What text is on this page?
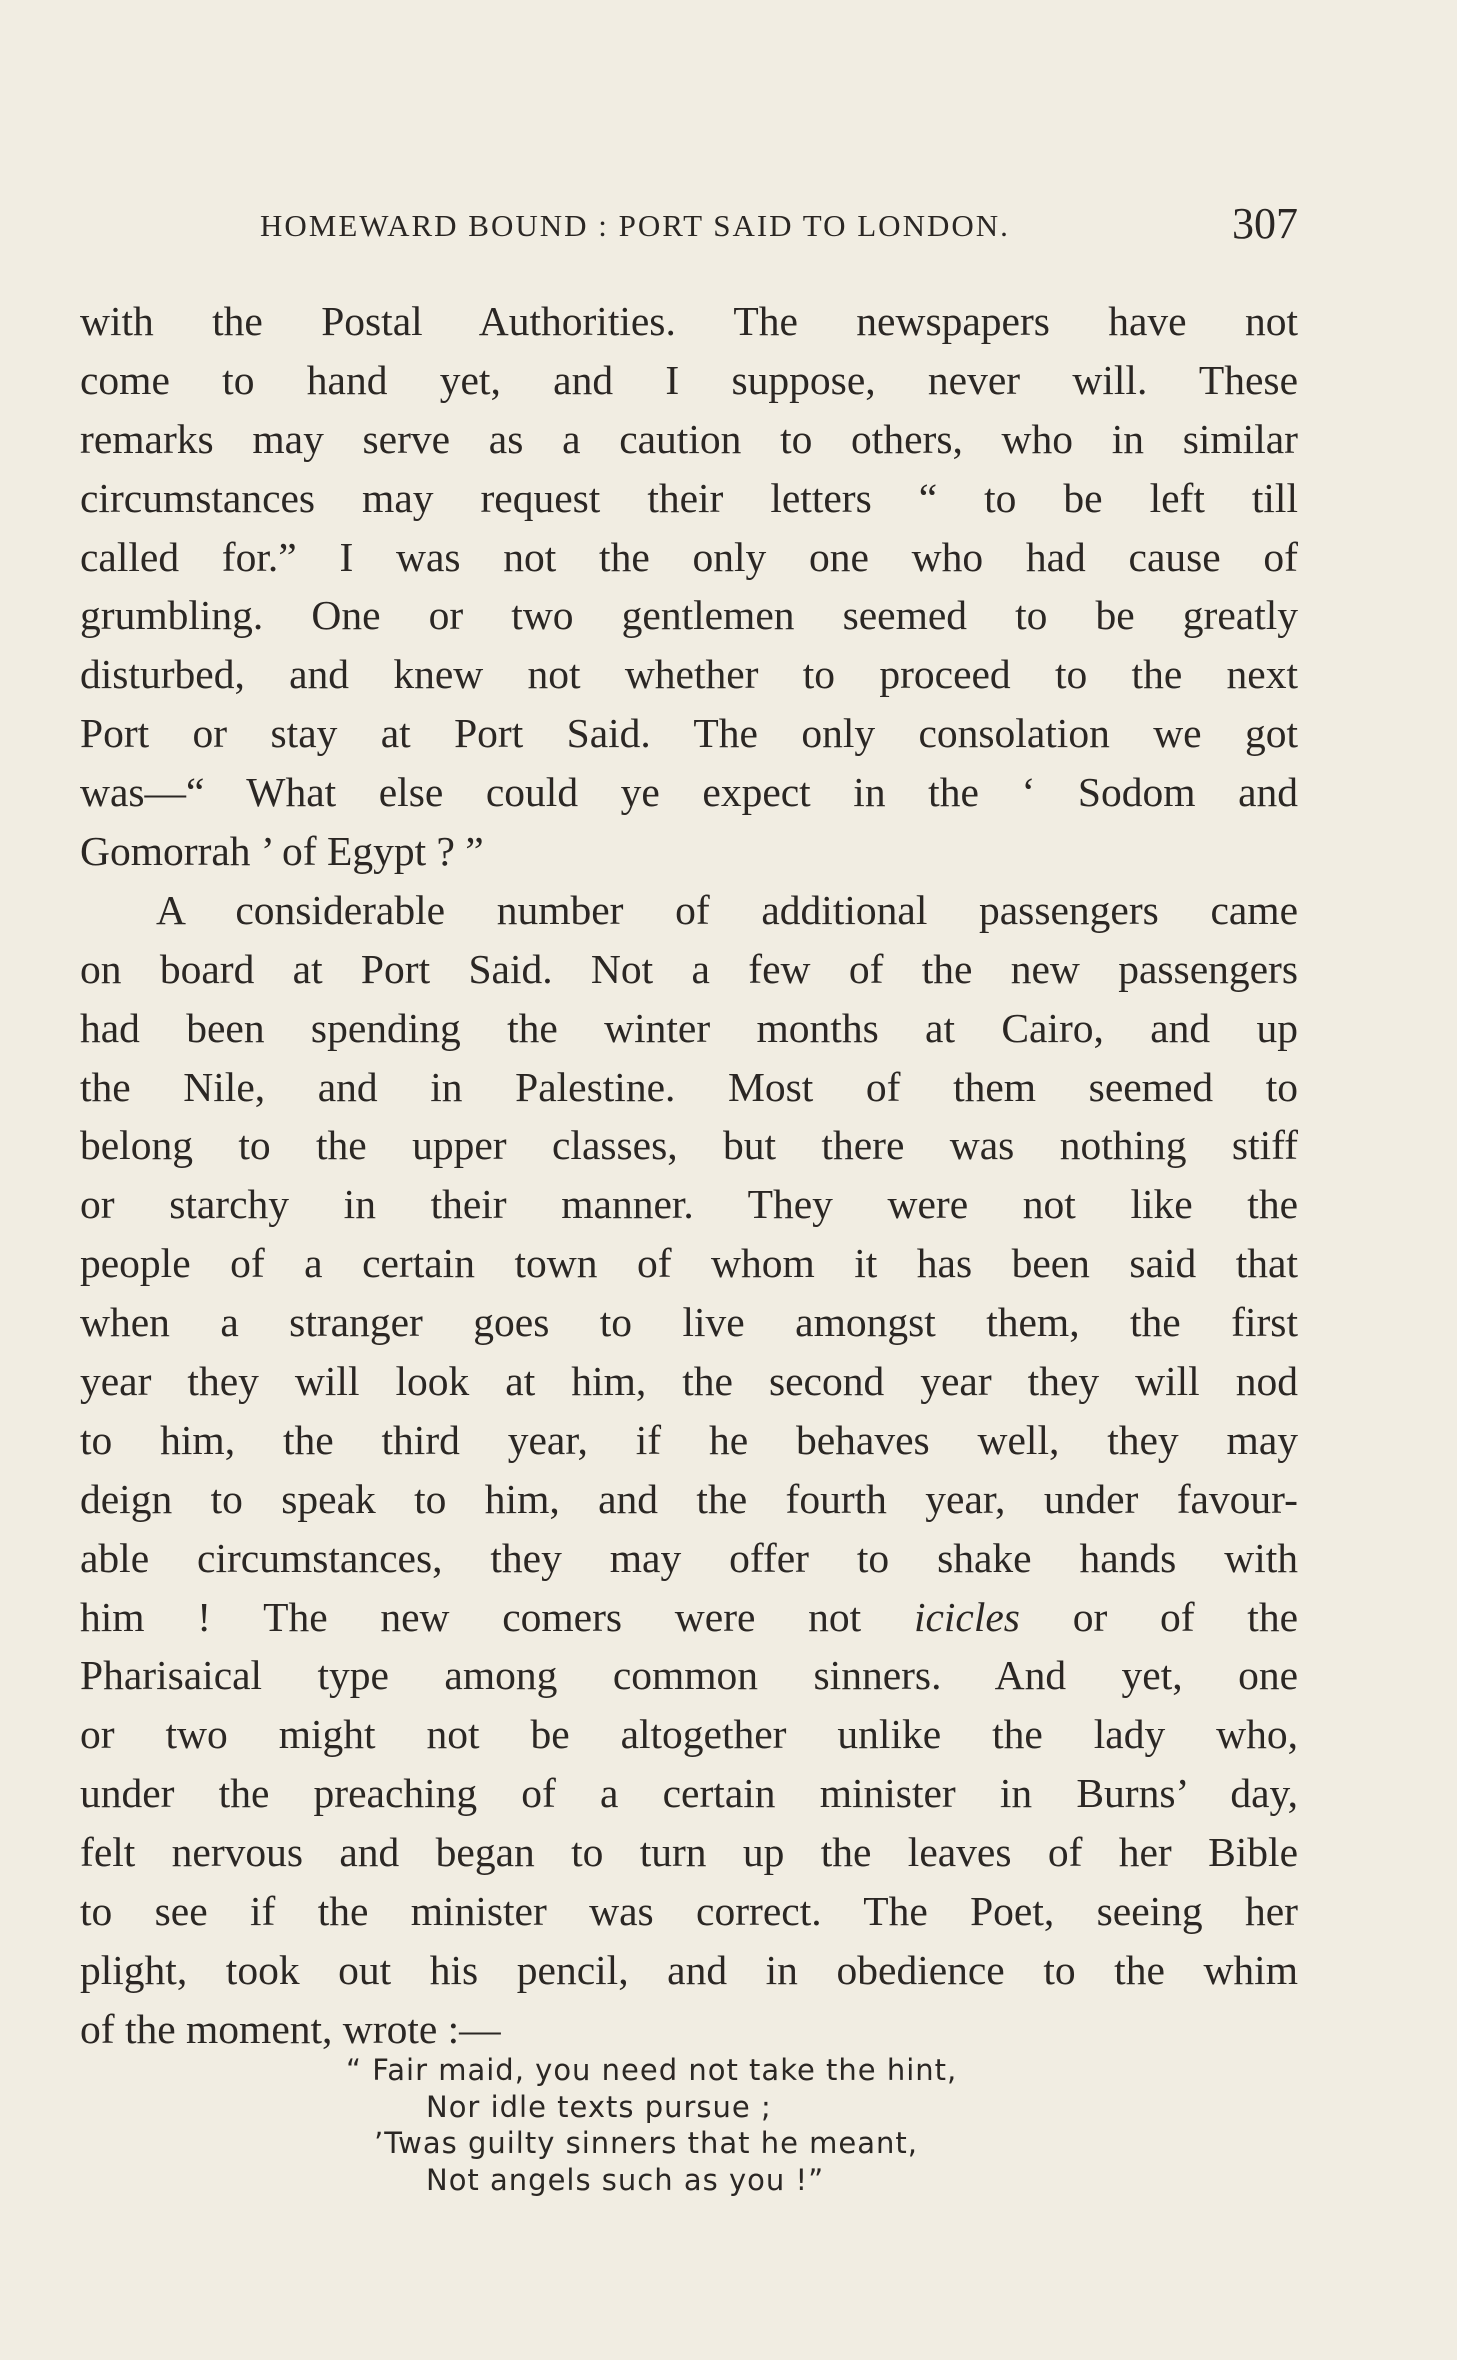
HOMEWARD BOUND : PORT SAID TO LONDON.	307
with the Postal Authorities. The newspapers have not
come to hand yet, and I suppose, never will. These
remarks may serve as a caution to others, who in similar
circumstances may request their letters “ to be left till
called for.” I was not the only one who had cause of
grumbling. One or two gentlemen seemed to be greatly
disturbed, and knew not whether to proceed to the next
Port or stay at Port Said. The only consolation we got
was—“ What else could ye expect in the ‘ Sodom and
Gomorrah ’ of Egypt ? ”
A considerable number of additional passengers came
on board at Port Said. Not a few of the new passengers
had been spending the winter months at Cairo, and up
the Nile, and in Palestine. Most of them seemed to
belong to the upper classes, but there was nothing stiff
or starchy in their manner. They were not like the
people of a certain town of whom it has been said that
when a stranger goes to live amongst them, the first
year they will look at him, the second year they will nod
to him, the third year, if he behaves well, they may
deign to speak to him, and the fourth year, under favour-
able circumstances, they may offer to shake hands with
him ! The new comers were not icicles or of the
Pharisaical type among common sinners. And yet, one
or two might not be altogether unlike the lady who,
under the preaching of a certain minister in Burns’ day,
felt nervous and began to turn up the leaves of her Bible
to see if the minister was correct. The Poet, seeing her
plight, took out his pencil, and in obedience to the whim
of the moment, wrote :—
“ Fair maid, you need not take the hint,
Nor idle texts pursue ;
’Twas guilty sinners that he meant,
Not angels such as you !”
